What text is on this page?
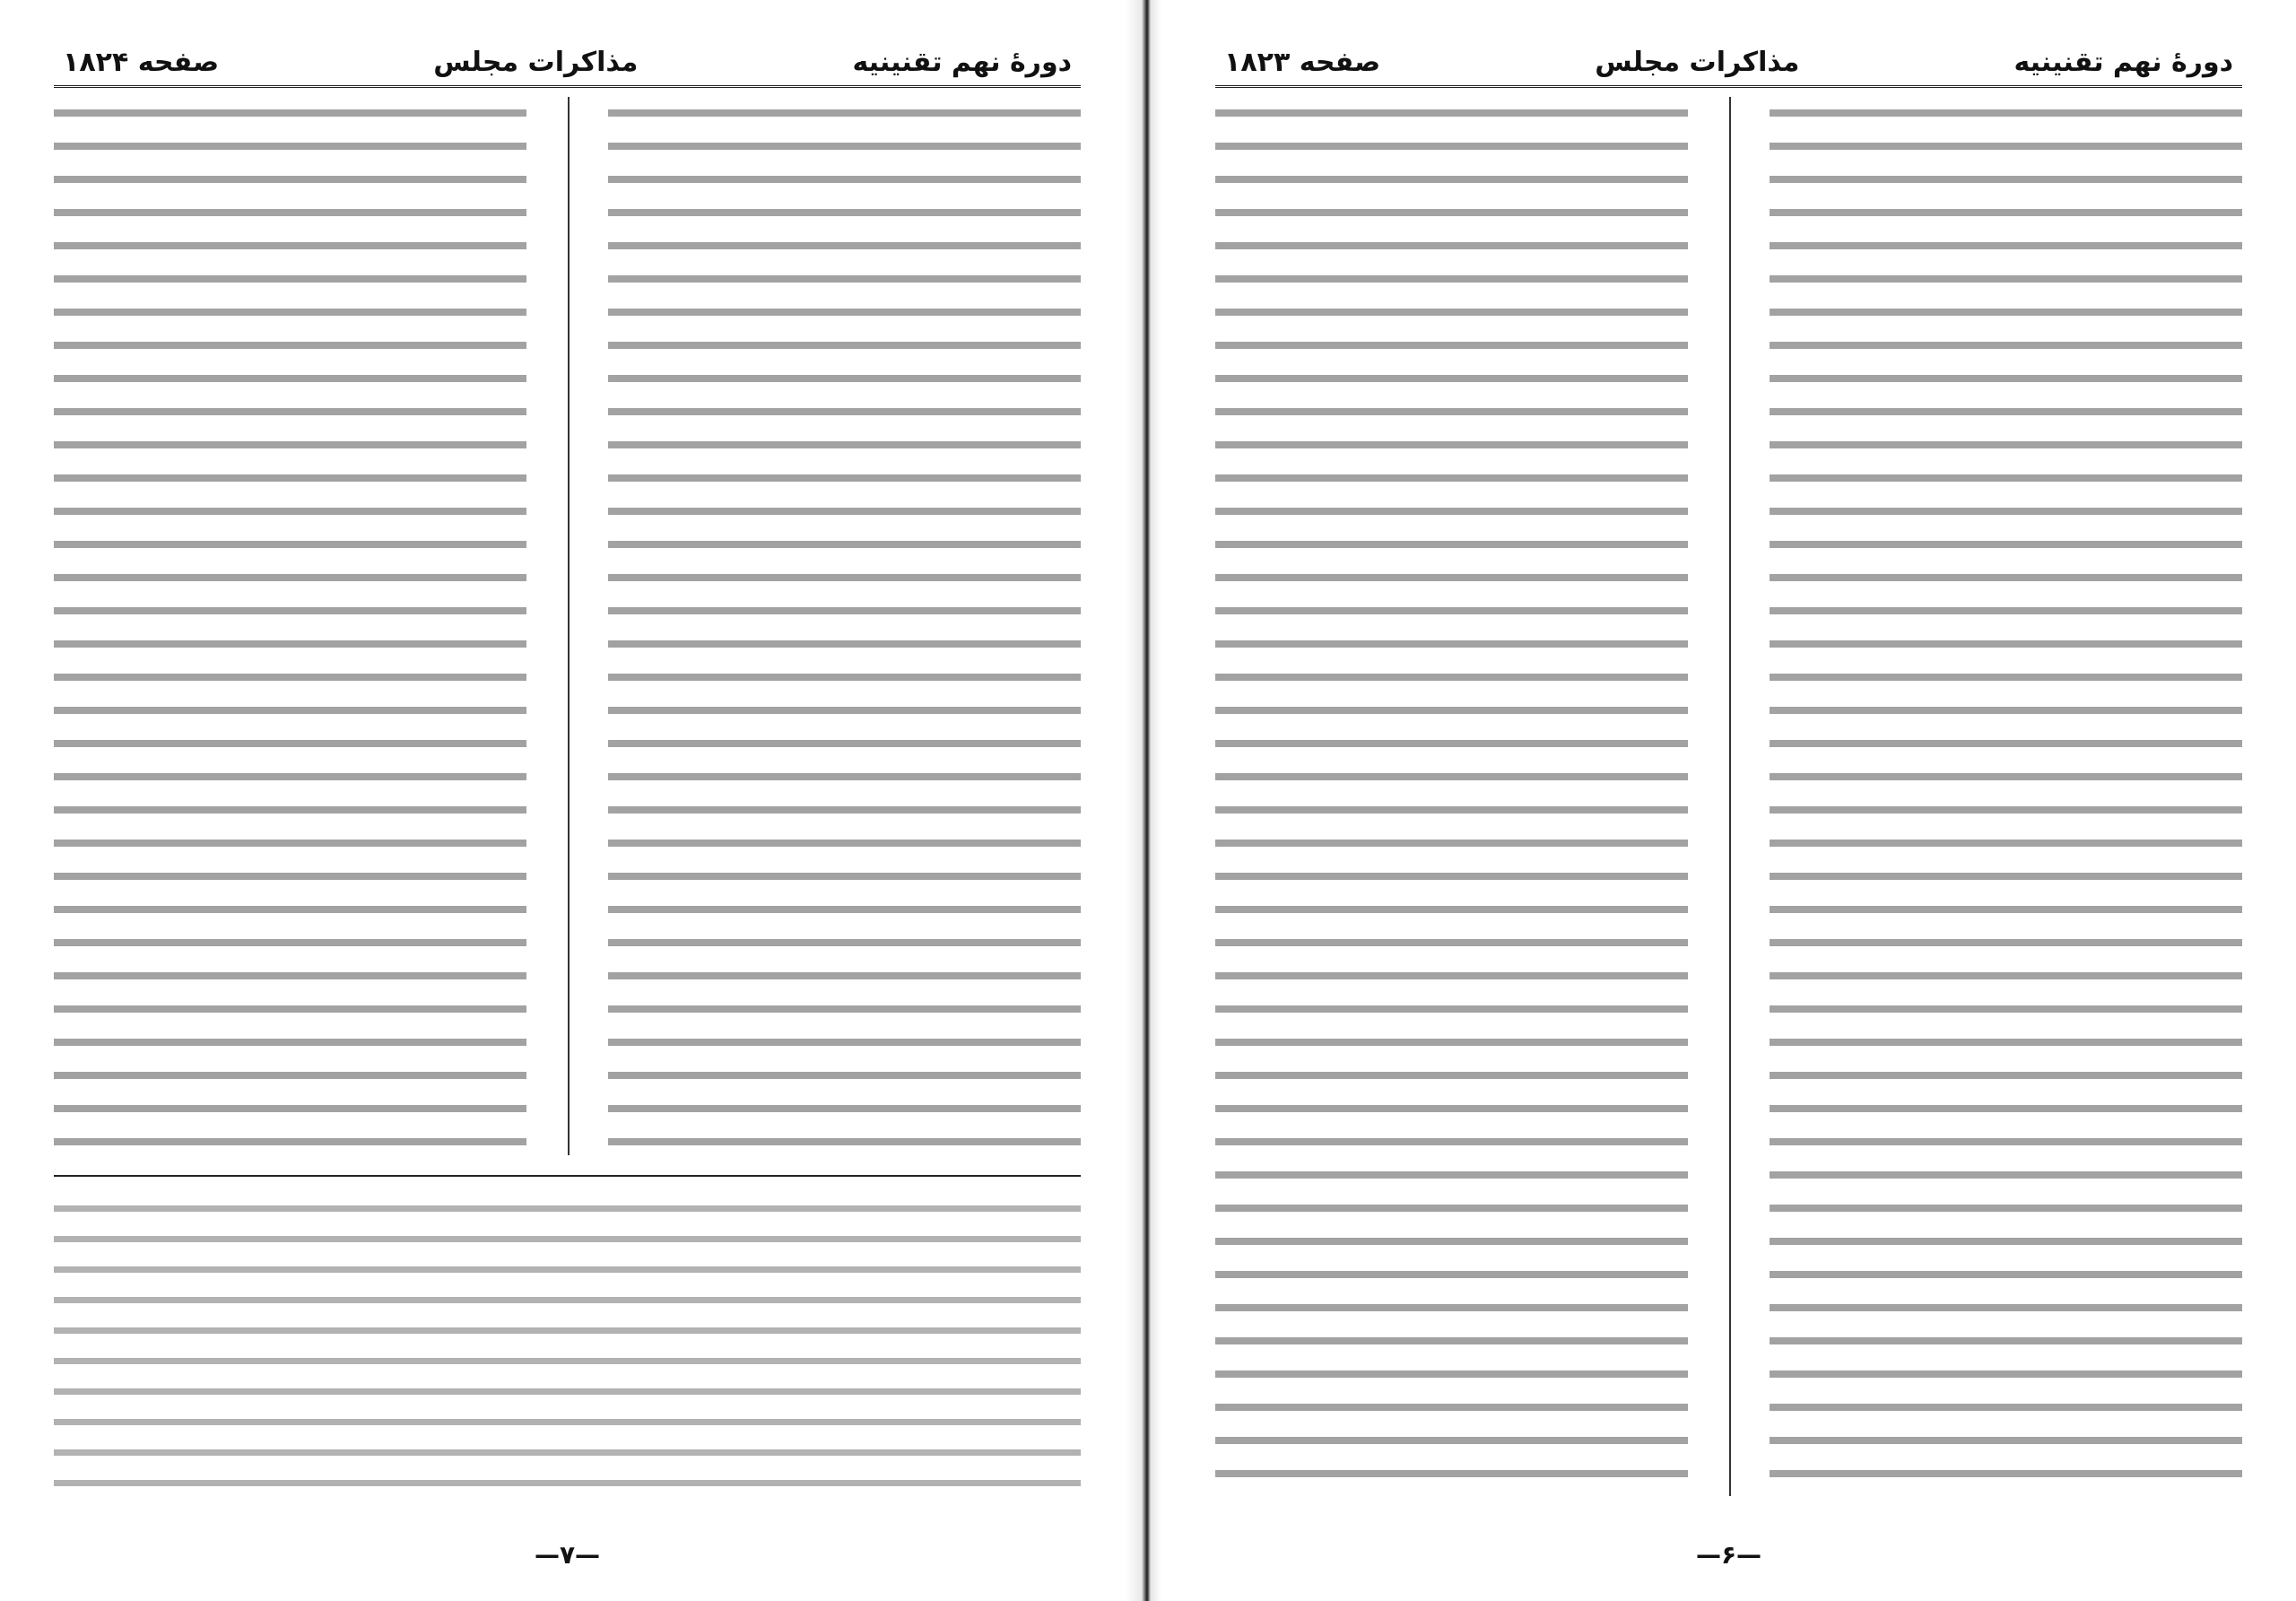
دورهٔ نهم تقنینیه
مذاکرات مجلس
صفحه ۱۸۲۴
—۷—
دورهٔ نهم تقنینیه
مذاکرات مجلس
صفحه ۱۸۲۳
—۶—
